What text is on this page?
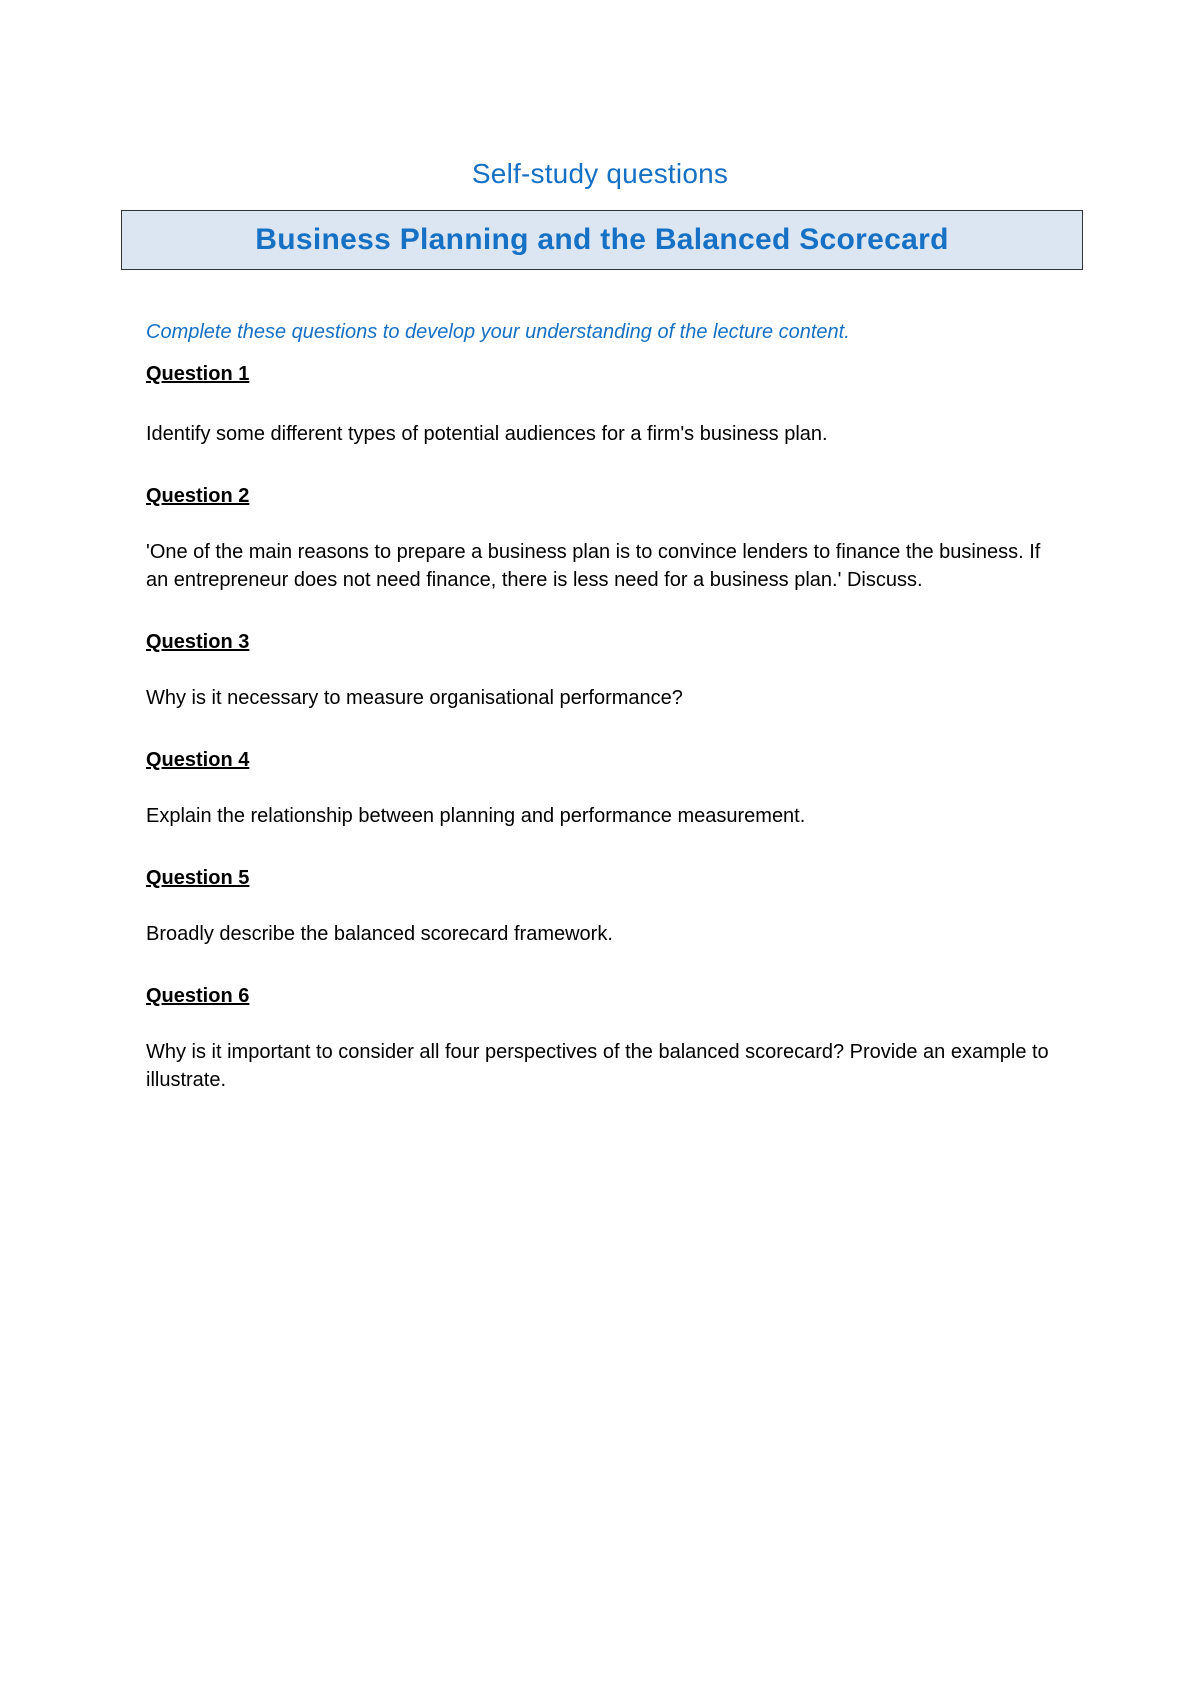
Self-study questions
Business Planning and the Balanced Scorecard

Complete these questions to develop your understanding of the lecture content.

Question 1

Identify some different types of potential audiences for a firm's business plan.

Question 2

'One of the main reasons to prepare a business plan is to convince lenders to finance the business. If an entrepreneur does not need finance, there is less need for a business plan.' Discuss.

Question 3

Why is it necessary to measure organisational performance?

Question 4

Explain the relationship between planning and performance measurement.

Question 5

Broadly describe the balanced scorecard framework.

Question 6

Why is it important to consider all four perspectives of the balanced scorecard? Provide an example to illustrate.
